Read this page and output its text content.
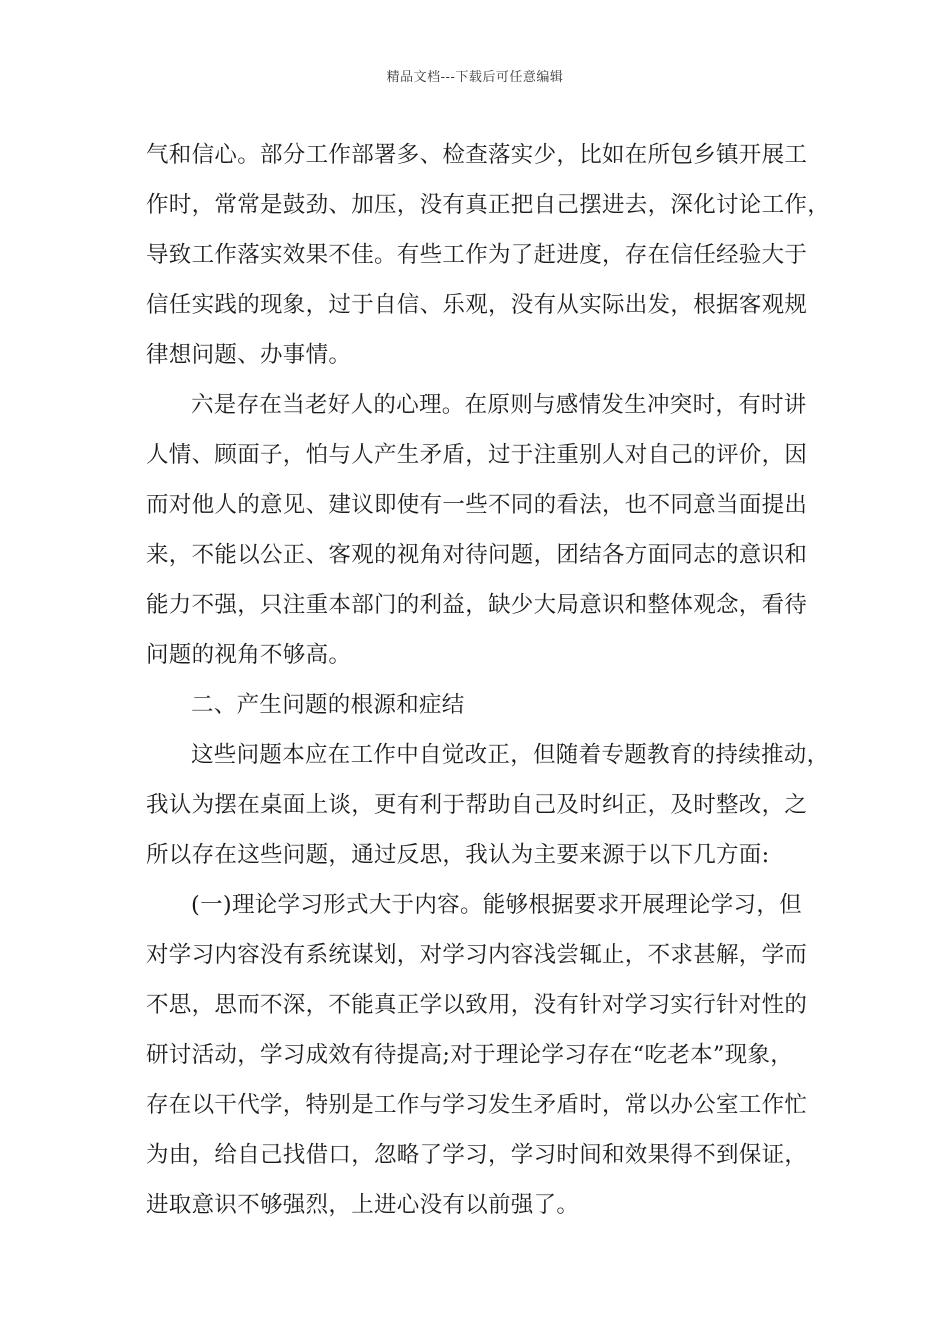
精品文档---下载后可任意编辑
气和信心。部分工作部署多、检查落实少，比如在所包乡镇开展工
作时，常常是鼓劲、加压，没有真正把自己摆进去，深化讨论工作，
导致工作落实效果不佳。有些工作为了赶进度，存在信任经验大于
信任实践的现象，过于自信、乐观，没有从实际出发，根据客观规
律想问题、办事情。
六是存在当老好人的心理。在原则与感情发生冲突时，有时讲
人情、顾面子，怕与人产生矛盾，过于注重别人对自己的评价，因
而对他人的意见、建议即使有一些不同的看法，也不同意当面提出
来，不能以公正、客观的视角对待问题，团结各方面同志的意识和
能力不强，只注重本部门的利益，缺少大局意识和整体观念，看待
问题的视角不够高。
二、产生问题的根源和症结
这些问题本应在工作中自觉改正，但随着专题教育的持续推动，
我认为摆在桌面上谈，更有利于帮助自己及时纠正，及时整改，之
所以存在这些问题，通过反思，我认为主要来源于以下几方面:
(一)理论学习形式大于内容。能够根据要求开展理论学习，但
对学习内容没有系统谋划，对学习内容浅尝辄止，不求甚解，学而
不思，思而不深，不能真正学以致用，没有针对学习实行针对性的
研讨活动，学习成效有待提高;对于理论学习存在“吃老本”现象，
存在以干代学，特别是工作与学习发生矛盾时，常以办公室工作忙
为由，给自己找借口，忽略了学习，学习时间和效果得不到保证，
进取意识不够强烈，上进心没有以前强了。
